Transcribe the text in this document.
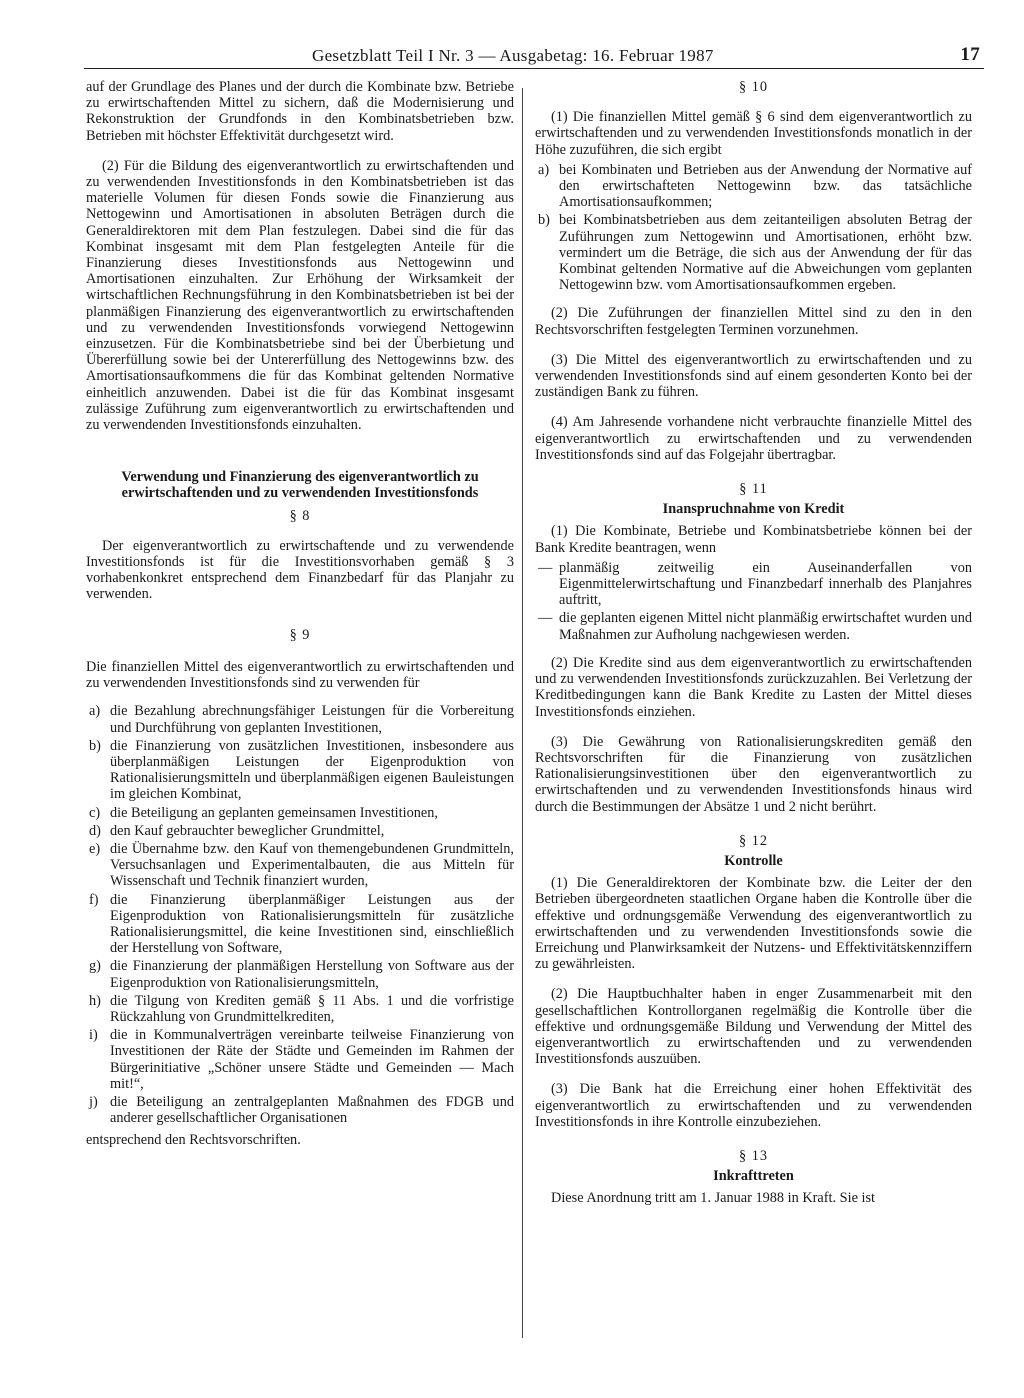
Gesetzblatt Teil I Nr. 3 — Ausgabetag: 16. Februar 1987	17

auf der Grundlage des Planes und der durch die Kombinate bzw. Betriebe zu erwirtschaftenden Mittel zu sichern, daß die Modernisierung und Rekonstruktion der Grundfonds in den Kombinatsbetrieben bzw. Betrieben mit höchster Effektivität durchgesetzt wird.

(2) Für die Bildung des eigenverantwortlich zu erwirtschaftenden und zu verwendenden Investitionsfonds in den Kombinatsbetrieben ist das materielle Volumen für diesen Fonds sowie die Finanzierung aus Nettogewinn und Amortisationen in absoluten Beträgen durch die Generaldirektoren mit dem Plan festzulegen. Dabei sind die für das Kombinat insgesamt mit dem Plan festgelegten Anteile für die Finanzierung dieses Investitionsfonds aus Nettogewinn und Amortisationen einzuhalten. Zur Erhöhung der Wirksamkeit der wirtschaftlichen Rechnungsführung in den Kombinatsbetrieben ist bei der planmäßigen Finanzierung des eigenverantwortlich zu erwirtschaftenden und zu verwendenden Investitionsfonds vorwiegend Nettogewinn einzusetzen. Für die Kombinatsbetriebe sind bei der Überbietung und Übererfüllung sowie bei der Untererfüllung des Nettogewinns bzw. des Amortisationsaufkommens die für das Kombinat geltenden Normative einheitlich anzuwenden. Dabei ist die für das Kombinat insgesamt zulässige Zuführung zum eigenverantwortlich zu erwirtschaftenden und zu verwendenden Investitionsfonds einzuhalten.

Verwendung und Finanzierung des eigenverantwortlich zu erwirtschaftenden und zu verwendenden Investitionsfonds

§ 8

Der eigenverantwortlich zu erwirtschaftende und zu verwendende Investitionsfonds ist für die Investitionsvorhaben gemäß § 3 vorhabenkonkret entsprechend dem Finanzbedarf für das Planjahr zu verwenden.

§ 9

Die finanziellen Mittel des eigenverantwortlich zu erwirtschaftenden und zu verwendenden Investitionsfonds sind zu verwenden für

a) die Bezahlung abrechnungsfähiger Leistungen für die Vorbereitung und Durchführung von geplanten Investitionen,
b) die Finanzierung von zusätzlichen Investitionen, insbesondere aus überplanmäßigen Leistungen der Eigenproduktion von Rationalisierungsmitteln und überplanmäßigen eigenen Bauleistungen im gleichen Kombinat,
c) die Beteiligung an geplanten gemeinsamen Investitionen,
d) den Kauf gebrauchter beweglicher Grundmittel,
e) die Übernahme bzw. den Kauf von themengebundenen Grundmitteln, Versuchsanlagen und Experimentalbauten, die aus Mitteln für Wissenschaft und Technik finanziert wurden,
f) die Finanzierung überplanmäßiger Leistungen aus der Eigenproduktion von Rationalisierungsmitteln für zusätzliche Rationalisierungsmittel, die keine Investitionen sind, einschließlich der Herstellung von Software,
g) die Finanzierung der planmäßigen Herstellung von Software aus der Eigenproduktion von Rationalisierungsmitteln,
h) die Tilgung von Krediten gemäß § 11 Abs. 1 und die vorfristige Rückzahlung von Grundmittelkrediten,
i) die in Kommunalverträgen vereinbarte teilweise Finanzierung von Investitionen der Räte der Städte und Gemeinden im Rahmen der Bürgerinitiative „Schöner unsere Städte und Gemeinden — Mach mit!“,
j) die Beteiligung an zentralgeplanten Maßnahmen des FDGB und anderer gesellschaftlicher Organisationen

entsprechend den Rechtsvorschriften.

§ 10

(1) Die finanziellen Mittel gemäß § 6 sind dem eigenverantwortlich zu erwirtschaftenden und zu verwendenden Investitionsfonds monatlich in der Höhe zuzuführen, die sich ergibt

a) bei Kombinaten und Betrieben aus der Anwendung der Normative auf den erwirtschafteten Nettogewinn bzw. das tatsächliche Amortisationsaufkommen;
b) bei Kombinatsbetrieben aus dem zeitanteiligen absoluten Betrag der Zuführungen zum Nettogewinn und Amortisationen, erhöht bzw. vermindert um die Beträge, die sich aus der Anwendung der für das Kombinat geltenden Normative auf die Abweichungen vom geplanten Nettogewinn bzw. vom Amortisationsaufkommen ergeben.

(2) Die Zuführungen der finanziellen Mittel sind zu den in den Rechtsvorschriften festgelegten Terminen vorzunehmen.

(3) Die Mittel des eigenverantwortlich zu erwirtschaftenden und zu verwendenden Investitionsfonds sind auf einem gesonderten Konto bei der zuständigen Bank zu führen.

(4) Am Jahresende vorhandene nicht verbrauchte finanzielle Mittel des eigenverantwortlich zu erwirtschaftenden und zu verwendenden Investitionsfonds sind auf das Folgejahr übertragbar.

§ 11

Inanspruchnahme von Kredit

(1) Die Kombinate, Betriebe und Kombinatsbetriebe können bei der Bank Kredite beantragen, wenn

— planmäßig zeitweilig ein Auseinanderfallen von Eigenmittelerwirtschaftung und Finanzbedarf innerhalb des Planjahres auftritt,
— die geplanten eigenen Mittel nicht planmäßig erwirtschaftet wurden und Maßnahmen zur Aufholung nachgewiesen werden.

(2) Die Kredite sind aus dem eigenverantwortlich zu erwirtschaftenden und zu verwendenden Investitionsfonds zurückzuzahlen. Bei Verletzung der Kreditbedingungen kann die Bank Kredite zu Lasten der Mittel dieses Investitionsfonds einziehen.

(3) Die Gewährung von Rationalisierungskrediten gemäß den Rechtsvorschriften für die Finanzierung von zusätzlichen Rationalisierungsinvestitionen über den eigenverantwortlich zu erwirtschaftenden und zu verwendenden Investitionsfonds hinaus wird durch die Bestimmungen der Absätze 1 und 2 nicht berührt.

§ 12

Kontrolle

(1) Die Generaldirektoren der Kombinate bzw. die Leiter der den Betrieben übergeordneten staatlichen Organe haben die Kontrolle über die effektive und ordnungsgemäße Verwendung des eigenverantwortlich zu erwirtschaftenden und zu verwendenden Investitionsfonds sowie die Erreichung und Planwirksamkeit der Nutzens- und Effektivitätskennziffern zu gewährleisten.

(2) Die Hauptbuchhalter haben in enger Zusammenarbeit mit den gesellschaftlichen Kontrollorganen regelmäßig die Kontrolle über die effektive und ordnungsgemäße Bildung und Verwendung der Mittel des eigenverantwortlich zu erwirtschaftenden und zu verwendenden Investitionsfonds auszuüben.

(3) Die Bank hat die Erreichung einer hohen Effektivität des eigenverantwortlich zu erwirtschaftenden und zu verwendenden Investitionsfonds in ihre Kontrolle einzubeziehen.

§ 13

Inkrafttreten

Diese Anordnung tritt am 1. Januar 1988 in Kraft. Sie ist
